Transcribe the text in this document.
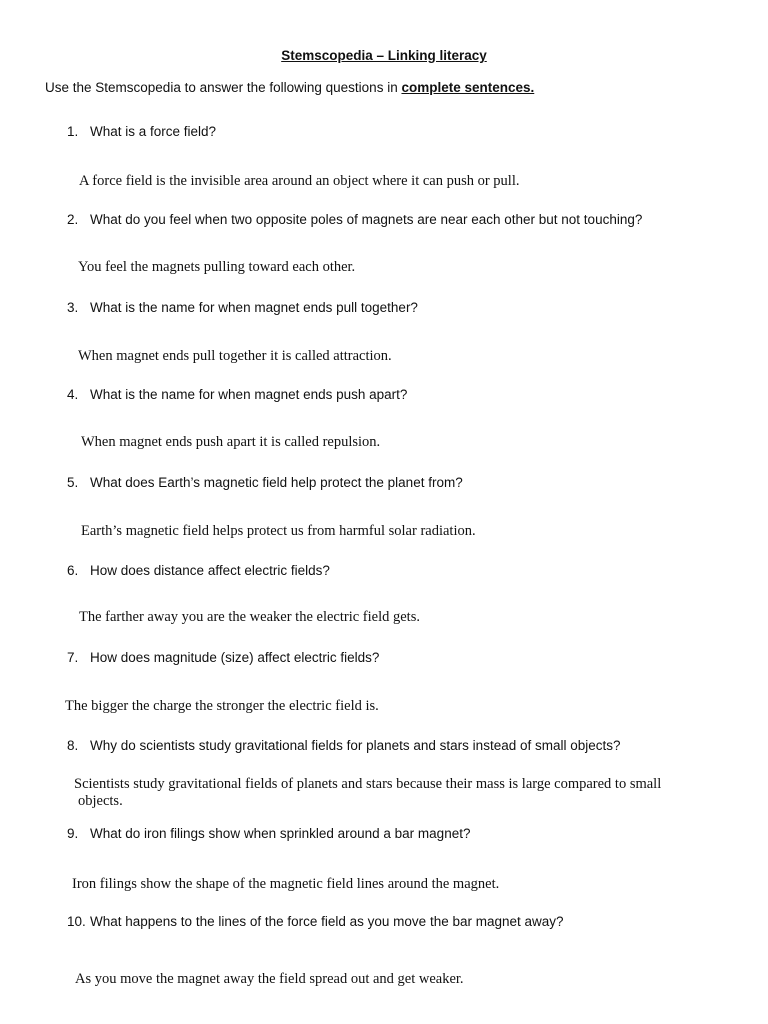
Stemscopedia – Linking literacy
Use the Stemscopedia to answer the following questions in complete sentences.
1. What is a force field?
A force field is the invisible area around an object where it can push or pull.
2. What do you feel when two opposite poles of magnets are near each other but not touching?
You feel the magnets pulling toward each other.
3. What is the name for when magnet ends pull together?
When magnet ends pull together it is called attraction.
4. What is the name for when magnet ends push apart?
When magnet ends push apart it is called repulsion.
5. What does Earth’s magnetic field help protect the planet from?
Earth’s magnetic field helps protect us from harmful solar radiation.
6. How does distance affect electric fields?
The farther away you are the weaker the electric field gets.
7. How does magnitude (size) affect electric fields?
The bigger the charge the stronger the electric field is.
8. Why do scientists study gravitational fields for planets and stars instead of small objects?
Scientists study gravitational fields of planets and stars because their mass is large compared to small objects.
9. What do iron filings show when sprinkled around a bar magnet?
Iron filings show the shape of the magnetic field lines around the magnet.
10. What happens to the lines of the force field as you move the bar magnet away?
As you move the magnet away the field spread out and get weaker.
